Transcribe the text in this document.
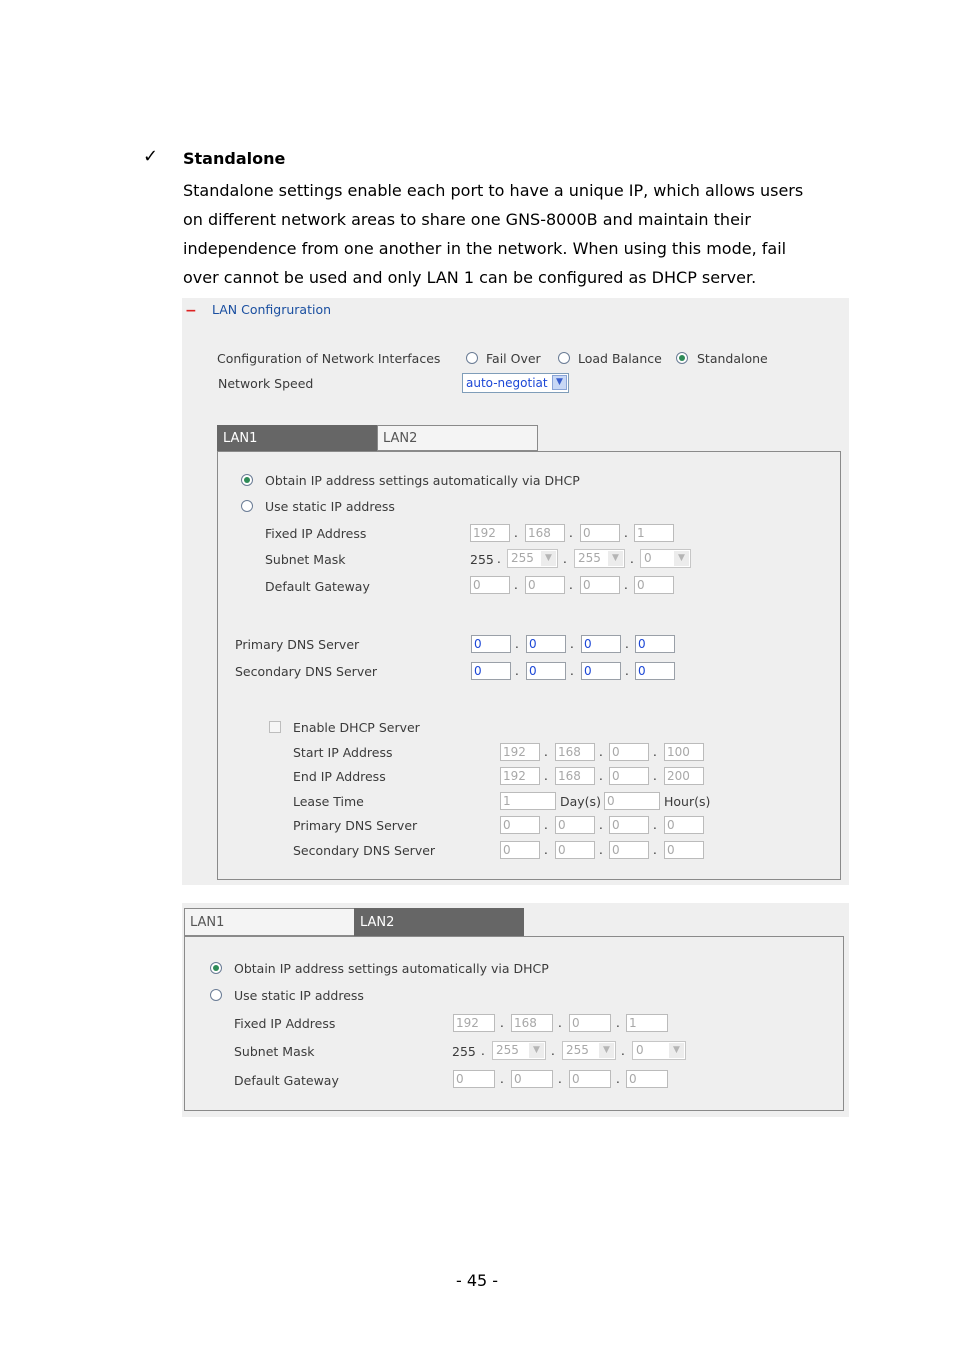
✓ Standalone
Standalone settings enable each port to have a unique IP, which allows users
on different network areas to share one GNS-8000B and maintain their
independence from one another in the network. When using this mode, fail
over cannot be used and only LAN 1 can be configured as DHCP server.
− LAN Configruration
Configuration of Network Interfaces	Fail Over	Load Balance	Standalone
Network Speed	auto-negotiat ▼
LAN1	LAN2
Obtain IP address settings automatically via DHCP
Use static IP address
Fixed IP Address	192	. 168	. 0	. 1
Subnet Mask	255 . 255	▼ . 255	▼ . 0	▼
Default Gateway	0	. 0	. 0	. 0
Primary DNS Server	0	. 0	. 0	. 0
Secondary DNS Server	0	. 0	. 0	. 0
Enable DHCP Server
Start IP Address	192	. 168	. 0	. 100
End IP Address	192	. 168	. 0	. 200
Lease Time	1	Day(s) 0	Hour(s)
Primary DNS Server	0	. 0	. 0	. 0
Secondary DNS Server	0	. 0	. 0	. 0
LAN1	LAN2
Obtain IP address settings automatically via DHCP
Use static IP address
Fixed IP Address	192	. 168	. 0	. 1
Subnet Mask	255 . 255	▼ . 255	▼ . 0	▼
Default Gateway	0	. 0	. 0	. 0
- 45 -
